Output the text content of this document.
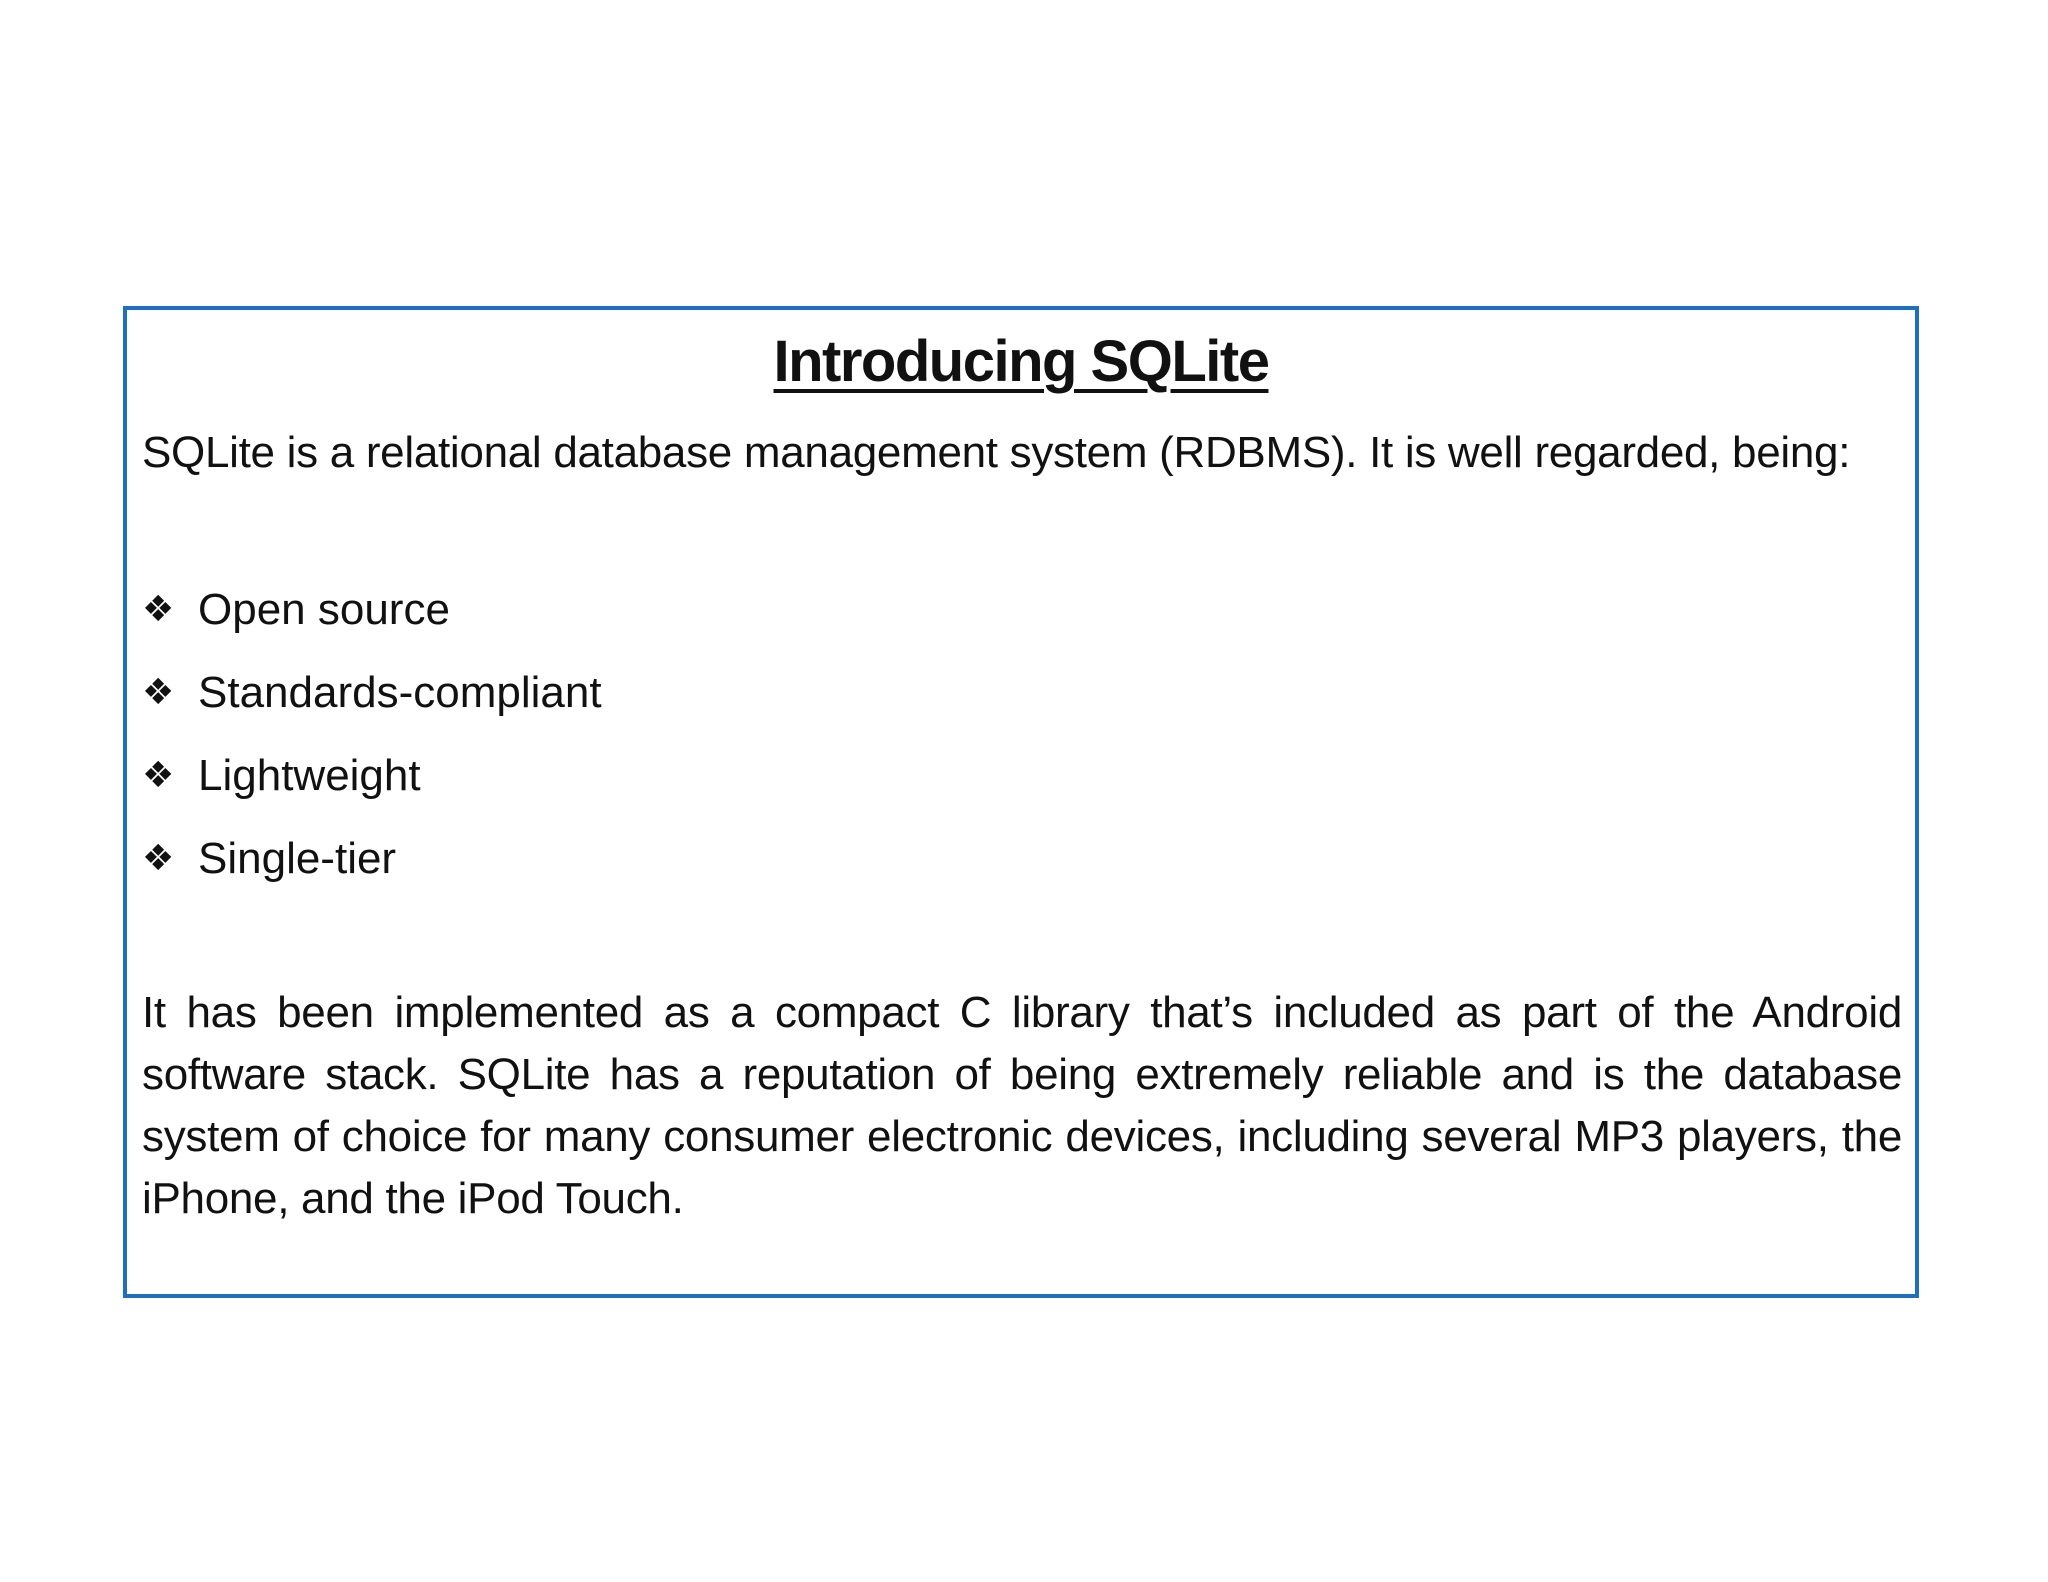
Introducing SQLite
SQLite is a relational database management system (RDBMS). It is well regarded, being:
❖ Open source
❖ Standards-compliant
❖ Lightweight
❖ Single-tier
It has been implemented as a compact C library that’s included as part of the Android software stack. SQLite has a reputation of being extremely reliable and is the database system of choice for many consumer electronic devices, including several MP3 players, the iPhone, and the iPod Touch.
